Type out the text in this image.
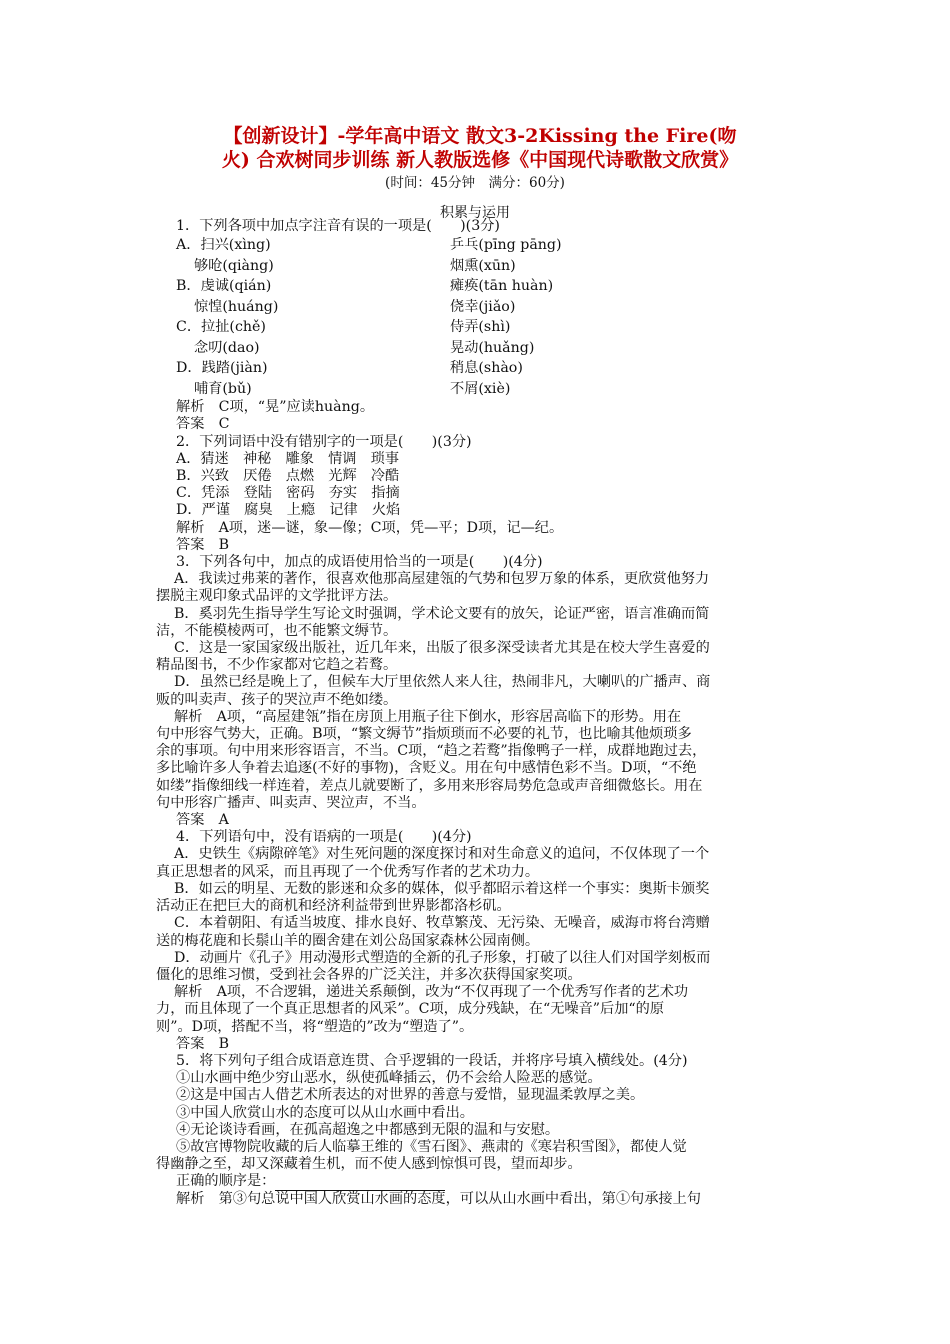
【创新设计】-学年高中语文 散文3-2Kissing the Fire(吻
火) 合欢树同步训练 新人教版选修《中国现代诗歌散文欣赏》
(时间：45分钟　满分：60分)
积累与运用
1．下列各项中加点字注音有误的一项是(　　)(3分)
A．扫兴(xìng)	乒乓(pīng pāng)
够呛(qiàng)	烟熏(xūn)
B．虔诚(qián)	瘫痪(tān huàn)
惊惶(huáng)	侥幸(jiǎo)
C．拉扯(chě)	侍弄(shì)
念叨(dao)	晃动(huǎng)
D．践踏(jiàn)	稍息(shào)
哺育(bǔ)	不屑(xiè)
解析　C项，“晃”应读huàng。
答案　C
2．下列词语中没有错别字的一项是(　　)(3分)
A．猜迷　神秘　雕象　情调　琐事
B．兴致　厌倦　点燃　光辉　冷酷
C．凭添　登陆　密码　夯实　指摘
D．严谨　腐臭　上瘾　记律　火焰
解析　A项，迷—谜，象—像；C项，凭—平；D项，记—纪。
答案　B
3．下列各句中，加点的成语使用恰当的一项是(　　)(4分)
A．我读过弗莱的著作，很喜欢他那高屋建瓴的气势和包罗万象的体系，更欣赏他努力
摆脱主观印象式品评的文学批评方法。
B．奚羽先生指导学生写论文时强调，学术论文要有的放矢，论证严密，语言准确而简
洁，不能模棱两可，也不能繁文缛节。
C．这是一家国家级出版社，近几年来，出版了很多深受读者尤其是在校大学生喜爱的
精品图书，不少作家都对它趋之若鹜。
D．虽然已经是晚上了，但候车大厅里依然人来人往，热闹非凡，大喇叭的广播声、商
贩的叫卖声、孩子的哭泣声不绝如缕。
解析　A项，“高屋建瓴”指在房顶上用瓶子往下倒水，形容居高临下的形势。用在
句中形容气势大，正确。B项，“繁文缛节”指烦琐而不必要的礼节，也比喻其他烦琐多
余的事项。句中用来形容语言，不当。C项，“趋之若鹜”指像鸭子一样，成群地跑过去，
多比喻许多人争着去追逐(不好的事物)，含贬义。用在句中感情色彩不当。D项，“不绝
如缕”指像细线一样连着，差点儿就要断了，多用来形容局势危急或声音细微悠长。用在
句中形容广播声、叫卖声、哭泣声，不当。
答案　A
4．下列语句中，没有语病的一项是(　　)(4分)
A．史铁生《病隙碎笔》对生死问题的深度探讨和对生命意义的追问，不仅体现了一个
真正思想者的风采，而且再现了一个优秀写作者的艺术功力。
B．如云的明星、无数的影迷和众多的媒体，似乎都昭示着这样一个事实：奥斯卡颁奖
活动正在把巨大的商机和经济利益带到世界影都洛杉矶。
C．本着朝阳、有适当坡度、排水良好、牧草繁茂、无污染、无噪音，威海市将台湾赠
送的梅花鹿和长鬃山羊的圈舍建在刘公岛国家森林公园南侧。
D．动画片《孔子》用动漫形式塑造的全新的孔子形象，打破了以往人们对国学刻板而
僵化的思维习惯，受到社会各界的广泛关注，并多次获得国家奖项。
解析　A项，不合逻辑，递进关系颠倒，改为“不仅再现了一个优秀写作者的艺术功
力，而且体现了一个真正思想者的风采”。C项，成分残缺，在“无噪音”后加“的原
则”。D项，搭配不当，将“塑造的”改为“塑造了”。
答案　B
5．将下列句子组合成语意连贯、合乎逻辑的一段话，并将序号填入横线处。(4分)
①山水画中绝少穷山恶水，纵使孤峰插云，仍不会给人险恶的感觉。
②这是中国古人借艺术所表达的对世界的善意与爱惜，显现温柔敦厚之美。
③中国人欣赏山水的态度可以从山水画中看出。
④无论谈诗看画，在孤高超逸之中都感到无限的温和与安慰。
⑤故宫博物院收藏的后人临摹王维的《雪石图》、燕肃的《寒岩积雪图》，都使人觉
得幽静之至，却又深藏着生机，而不使人感到惊惧可畏，望而却步。
正确的顺序是：
解析　第③句总说中国人欣赏山水画的态度，可以从山水画中看出，第①句承接上句
